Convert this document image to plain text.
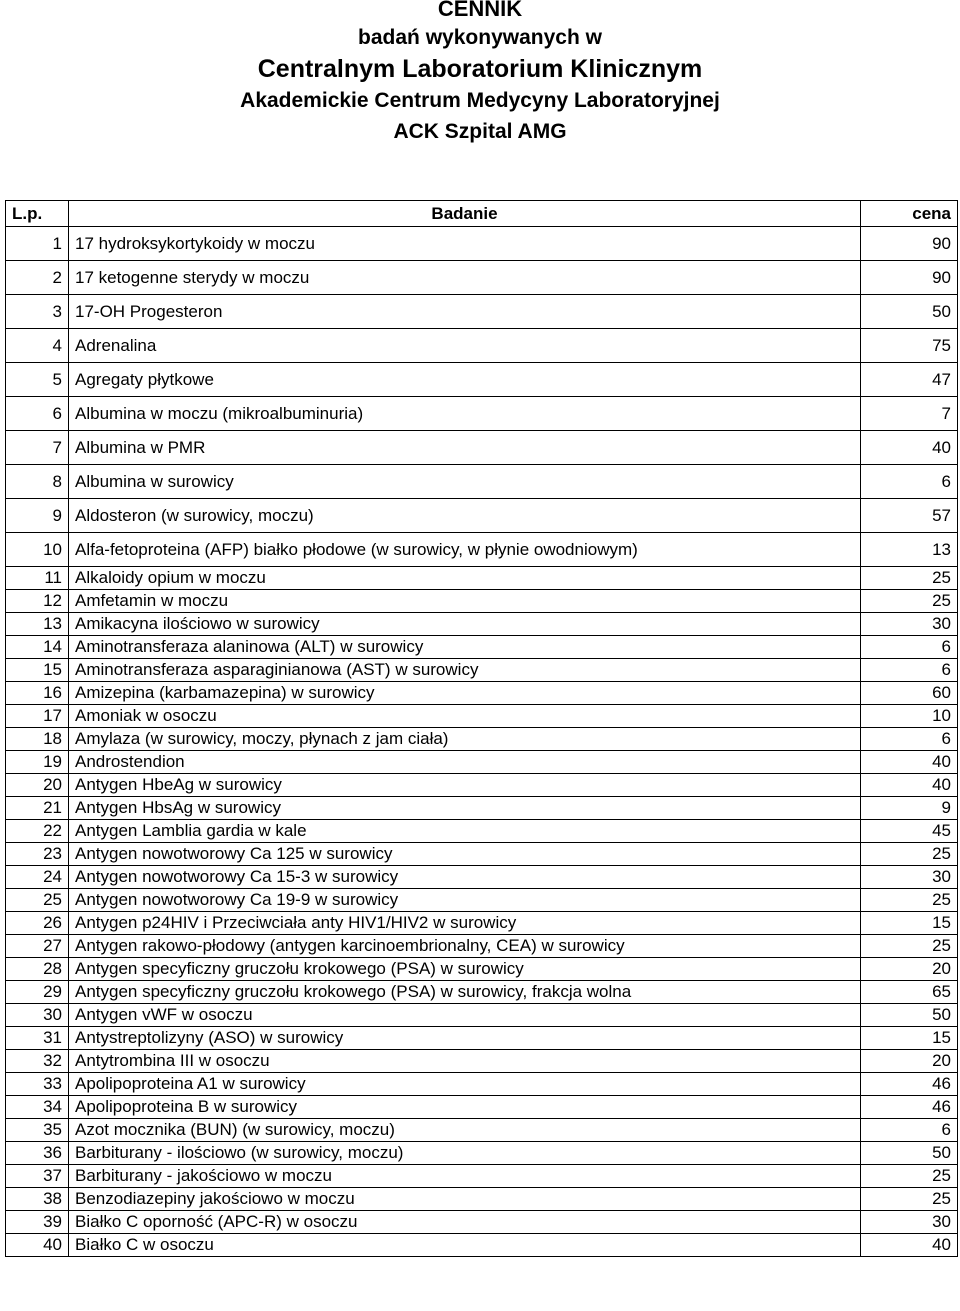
CENNIK
badań wykonywanych w
Centralnym Laboratorium Klinicznym
Akademickie Centrum Medycyny Laboratoryjnej
ACK Szpital AMG
L.p.	Badanie	cena
1	17 hydroksykortykoidy w moczu	90
2	17 ketogenne sterydy w moczu	90
3	17-OH Progesteron	50
4	Adrenalina	75
5	Agregaty płytkowe	47
6	Albumina w moczu (mikroalbuminuria)	7
7	Albumina w PMR	40
8	Albumina w surowicy	6
9	Aldosteron (w surowicy, moczu)	57
10	Alfa-fetoproteina (AFP) białko płodowe (w surowicy, w płynie owodniowym)	13
11	Alkaloidy opium w moczu	25
12	Amfetamin w moczu	25
13	Amikacyna ilościowo w surowicy	30
14	Aminotransferaza alaninowa (ALT) w surowicy	6
15	Aminotransferaza asparaginianowa (AST) w surowicy	6
16	Amizepina (karbamazepina) w surowicy	60
17	Amoniak w osoczu	10
18	Amylaza (w surowicy, moczy, płynach z jam ciała)	6
19	Androstendion	40
20	Antygen HbeAg w surowicy	40
21	Antygen HbsAg w surowicy	9
22	Antygen Lamblia gardia w kale	45
23	Antygen nowotworowy Ca 125 w surowicy	25
24	Antygen nowotworowy Ca 15-3 w surowicy	30
25	Antygen nowotworowy Ca 19-9 w surowicy	25
26	Antygen p24HIV i Przeciwciała anty HIV1/HIV2 w surowicy	15
27	Antygen rakowo-płodowy (antygen karcinoembrionalny, CEA) w surowicy	25
28	Antygen specyficzny gruczołu krokowego (PSA) w surowicy	20
29	Antygen specyficzny gruczołu krokowego (PSA) w surowicy, frakcja wolna	65
30	Antygen vWF w osoczu	50
31	Antystreptolizyny (ASO) w surowicy	15
32	Antytrombina III w osoczu	20
33	Apolipoproteina A1 w surowicy	46
34	Apolipoproteina B w surowicy	46
35	Azot mocznika (BUN) (w surowicy, moczu)	6
36	Barbiturany - ilościowo (w surowicy, moczu)	50
37	Barbiturany - jakościowo w moczu	25
38	Benzodiazepiny jakościowo w moczu	25
39	Białko C oporność (APC-R) w osoczu	30
40	Białko C w osoczu	40
